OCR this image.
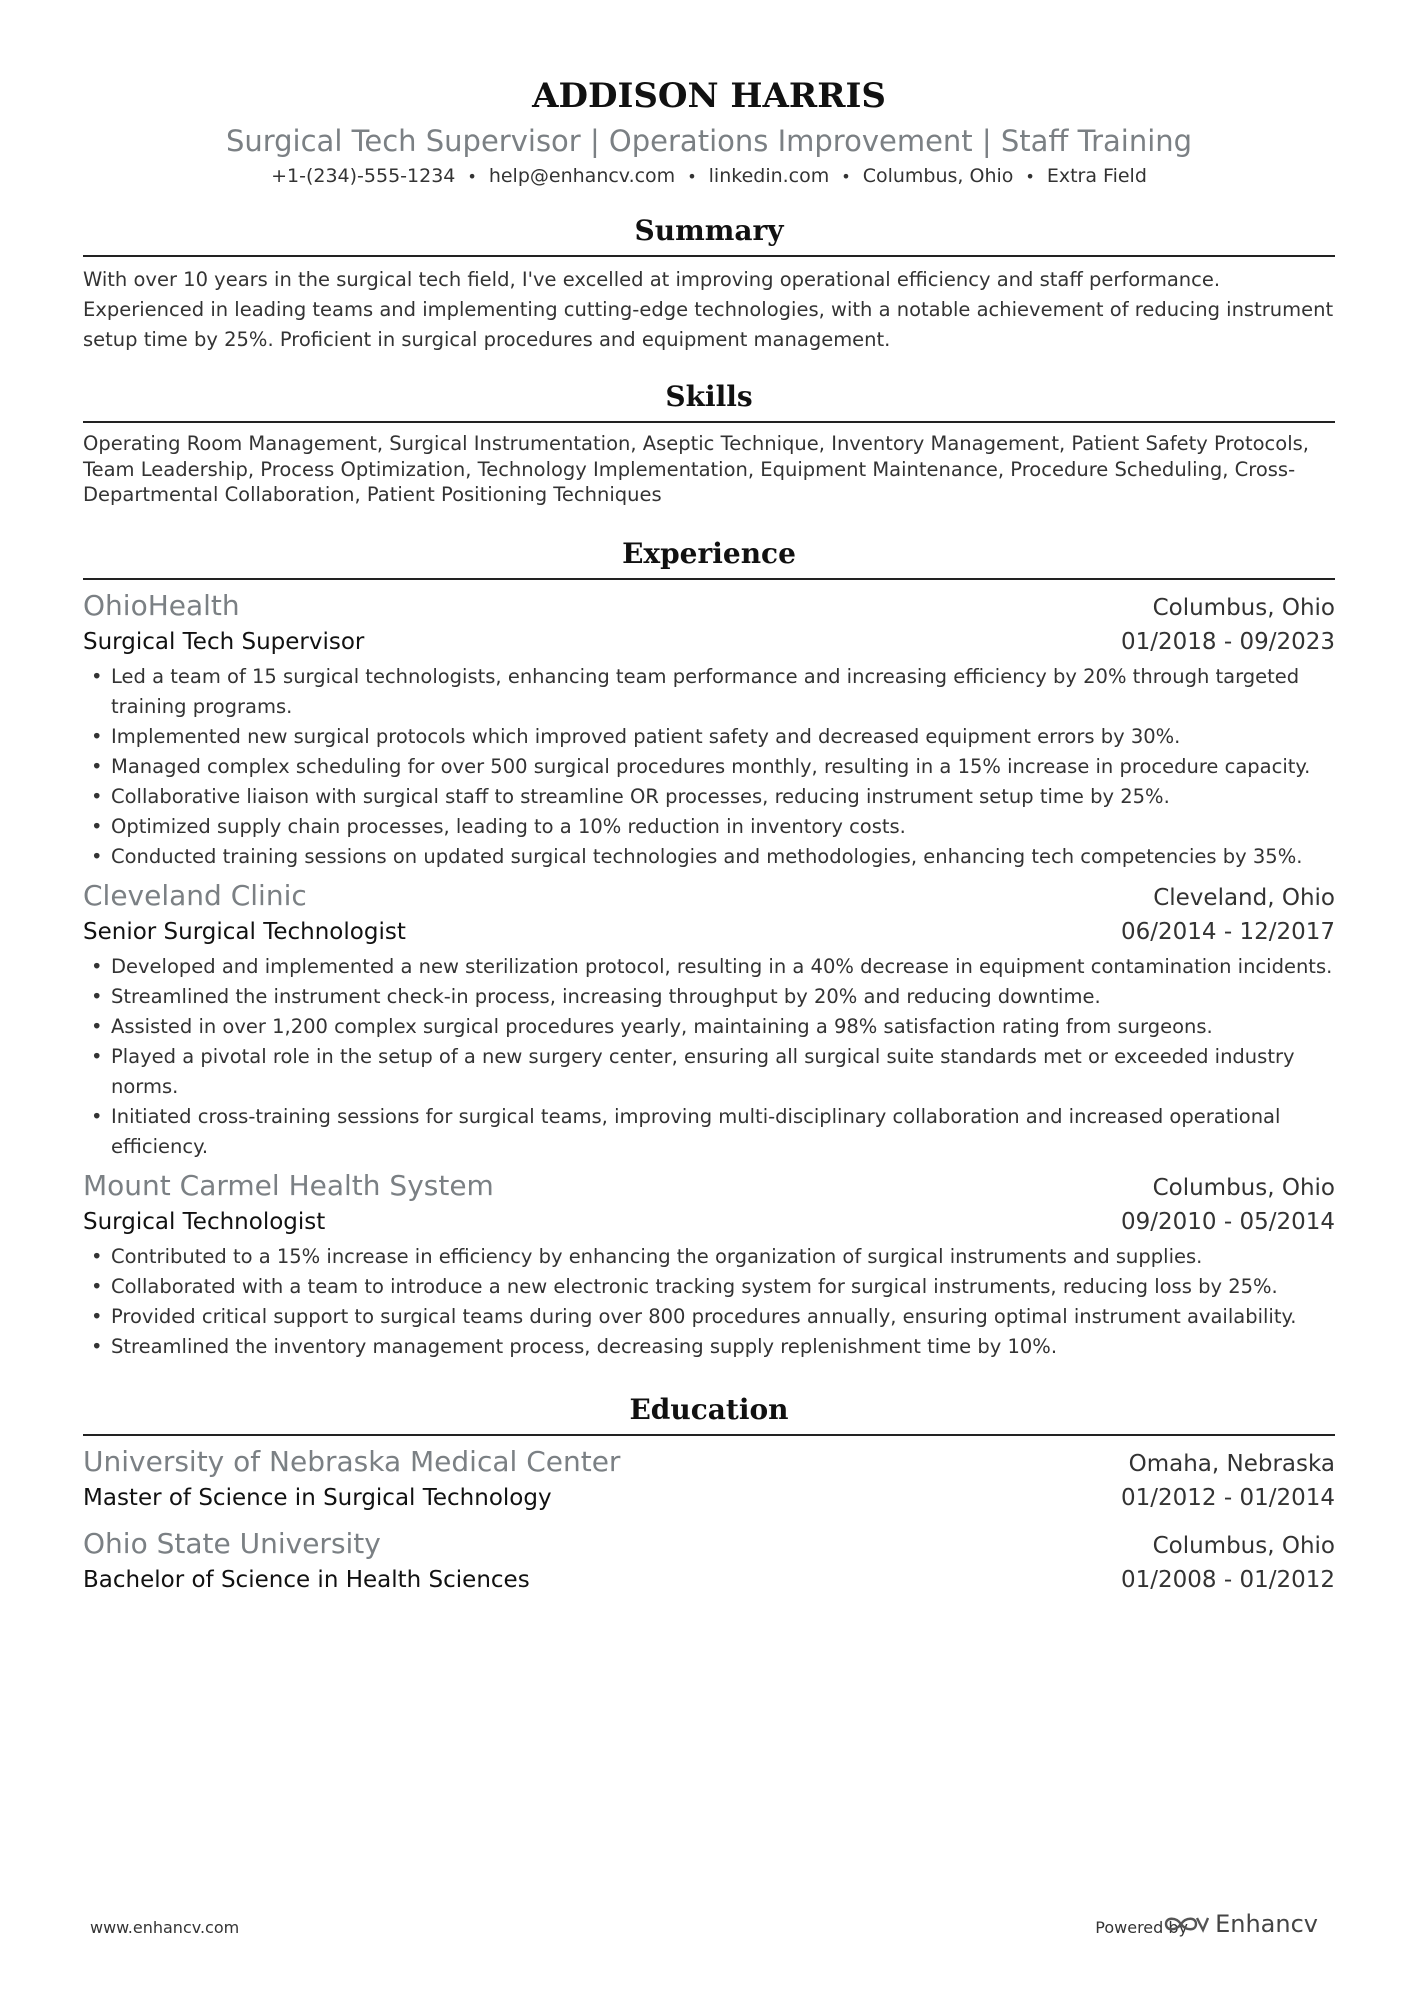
ADDISON HARRIS
Surgical Tech Supervisor | Operations Improvement | Staff Training
+1-(234)-555-1234 • help@enhancv.com • linkedin.com • Columbus, Ohio • Extra Field
Summary
With over 10 years in the surgical tech field, I've excelled at improving operational efficiency and staff performance. Experienced in leading teams and implementing cutting-edge technologies, with a notable achievement of reducing instrument setup time by 25%. Proficient in surgical procedures and equipment management.
Skills
Operating Room Management, Surgical Instrumentation, Aseptic Technique, Inventory Management, Patient Safety Protocols, Team Leadership, Process Optimization, Technology Implementation, Equipment Maintenance, Procedure Scheduling, Cross-Departmental Collaboration, Patient Positioning Techniques
Experience
OhioHealth	Columbus, Ohio
Surgical Tech Supervisor	01/2018 - 09/2023
• Led a team of 15 surgical technologists, enhancing team performance and increasing efficiency by 20% through targeted training programs.
• Implemented new surgical protocols which improved patient safety and decreased equipment errors by 30%.
• Managed complex scheduling for over 500 surgical procedures monthly, resulting in a 15% increase in procedure capacity.
• Collaborative liaison with surgical staff to streamline OR processes, reducing instrument setup time by 25%.
• Optimized supply chain processes, leading to a 10% reduction in inventory costs.
• Conducted training sessions on updated surgical technologies and methodologies, enhancing tech competencies by 35%.
Cleveland Clinic	Cleveland, Ohio
Senior Surgical Technologist	06/2014 - 12/2017
• Developed and implemented a new sterilization protocol, resulting in a 40% decrease in equipment contamination incidents.
• Streamlined the instrument check-in process, increasing throughput by 20% and reducing downtime.
• Assisted in over 1,200 complex surgical procedures yearly, maintaining a 98% satisfaction rating from surgeons.
• Played a pivotal role in the setup of a new surgery center, ensuring all surgical suite standards met or exceeded industry norms.
• Initiated cross-training sessions for surgical teams, improving multi-disciplinary collaboration and increased operational efficiency.
Mount Carmel Health System	Columbus, Ohio
Surgical Technologist	09/2010 - 05/2014
• Contributed to a 15% increase in efficiency by enhancing the organization of surgical instruments and supplies.
• Collaborated with a team to introduce a new electronic tracking system for surgical instruments, reducing loss by 25%.
• Provided critical support to surgical teams during over 800 procedures annually, ensuring optimal instrument availability.
• Streamlined the inventory management process, decreasing supply replenishment time by 10%.
Education
University of Nebraska Medical Center	Omaha, Nebraska
Master of Science in Surgical Technology	01/2012 - 01/2014
Ohio State University	Columbus, Ohio
Bachelor of Science in Health Sciences	01/2008 - 01/2012
www.enhancv.com	Powered by Enhancv
